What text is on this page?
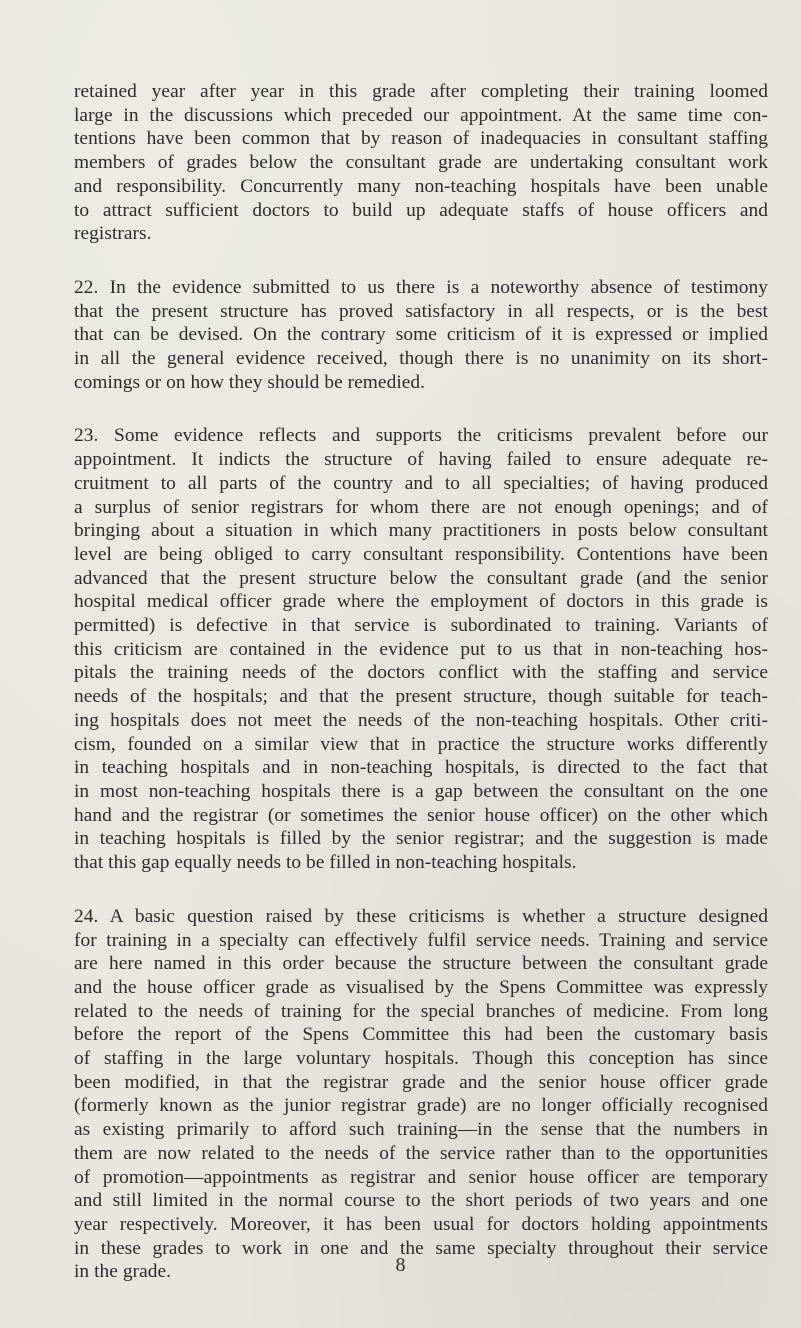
retained year after year in this grade after completing their training loomed
large in the discussions which preceded our appointment. At the same time con-
tentions have been common that by reason of inadequacies in consultant staffing
members of grades below the consultant grade are undertaking consultant work
and responsibility. Concurrently many non-teaching hospitals have been unable
to attract sufficient doctors to build up adequate staffs of house officers and
registrars.
22. In the evidence submitted to us there is a noteworthy absence of testimony
that the present structure has proved satisfactory in all respects, or is the best
that can be devised. On the contrary some criticism of it is expressed or implied
in all the general evidence received, though there is no unanimity on its short-
comings or on how they should be remedied.
23. Some evidence reflects and supports the criticisms prevalent before our
appointment. It indicts the structure of having failed to ensure adequate re-
cruitment to all parts of the country and to all specialties; of having produced
a surplus of senior registrars for whom there are not enough openings; and of
bringing about a situation in which many practitioners in posts below consultant
level are being obliged to carry consultant responsibility. Contentions have been
advanced that the present structure below the consultant grade (and the senior
hospital medical officer grade where the employment of doctors in this grade is
permitted) is defective in that service is subordinated to training. Variants of
this criticism are contained in the evidence put to us that in non-teaching hos-
pitals the training needs of the doctors conflict with the staffing and service
needs of the hospitals; and that the present structure, though suitable for teach-
ing hospitals does not meet the needs of the non-teaching hospitals. Other criti-
cism, founded on a similar view that in practice the structure works differently
in teaching hospitals and in non-teaching hospitals, is directed to the fact that
in most non-teaching hospitals there is a gap between the consultant on the one
hand and the registrar (or sometimes the senior house officer) on the other which
in teaching hospitals is filled by the senior registrar; and the suggestion is made
that this gap equally needs to be filled in non-teaching hospitals.
24. A basic question raised by these criticisms is whether a structure designed
for training in a specialty can effectively fulfil service needs. Training and service
are here named in this order because the structure between the consultant grade
and the house officer grade as visualised by the Spens Committee was expressly
related to the needs of training for the special branches of medicine. From long
before the report of the Spens Committee this had been the customary basis
of staffing in the large voluntary hospitals. Though this conception has since
been modified, in that the registrar grade and the senior house officer grade
(formerly known as the junior registrar grade) are no longer officially recognised
as existing primarily to afford such training—in the sense that the numbers in
them are now related to the needs of the service rather than to the opportunities
of promotion—appointments as registrar and senior house officer are temporary
and still limited in the normal course to the short periods of two years and one
year respectively. Moreover, it has been usual for doctors holding appointments
in these grades to work in one and the same specialty throughout their service
in the grade.	8
